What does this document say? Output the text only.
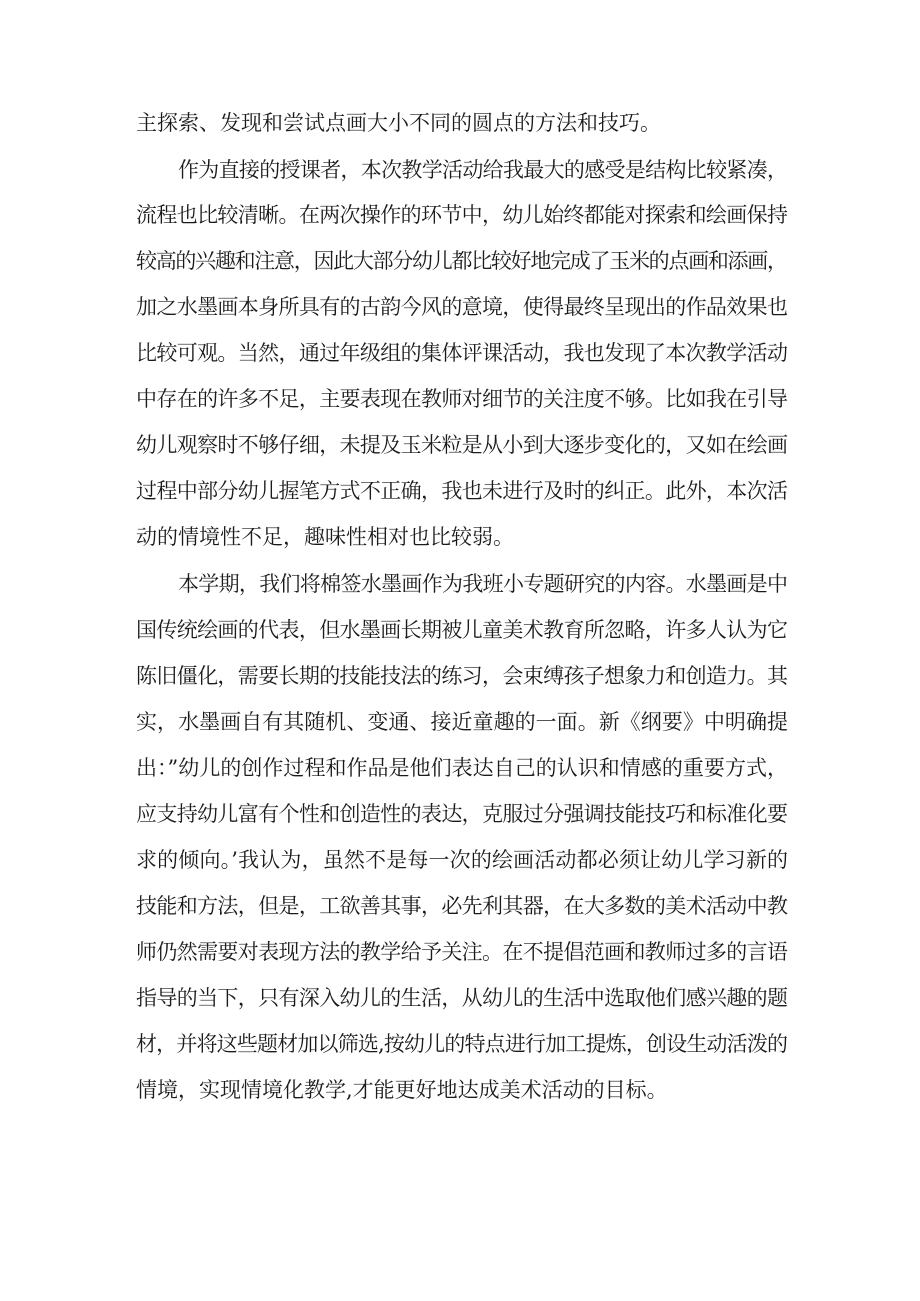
主探索、发现和尝试点画大小不同的圆点的方法和技巧。
作为直接的授课者，本次教学活动给我最大的感受是结构比较紧凑，
流程也比较清晰。在两次操作的环节中，幼儿始终都能对探索和绘画保持
较高的兴趣和注意，因此大部分幼儿都比较好地完成了玉米的点画和添画，
加之水墨画本身所具有的古韵今风的意境，使得最终呈现出的作品效果也
比较可观。当然，通过年级组的集体评课活动，我也发现了本次教学活动
中存在的许多不足，主要表现在教师对细节的关注度不够。比如我在引导
幼儿观察时不够仔细，未提及玉米粒是从小到大逐步变化的，又如在绘画
过程中部分幼儿握笔方式不正确，我也未进行及时的纠正。此外，本次活
动的情境性不足，趣味性相对也比较弱。
本学期，我们将棉签水墨画作为我班小专题研究的内容。水墨画是中
国传统绘画的代表，但水墨画长期被儿童美术教育所忽略，许多人认为它
陈旧僵化，需要长期的技能技法的练习，会束缚孩子想象力和创造力。其
实，水墨画自有其随机、变通、接近童趣的一面。新《纲要》中明确提
出：”幼儿的创作过程和作品是他们表达自己的认识和情感的重要方式，
应支持幼儿富有个性和创造性的表达，克服过分强调技能技巧和标准化要
求的倾向。’我认为，虽然不是每一次的绘画活动都必须让幼儿学习新的
技能和方法，但是，工欲善其事，必先利其器，在大多数的美术活动中教
师仍然需要对表现方法的教学给予关注。在不提倡范画和教师过多的言语
指导的当下，只有深入幼儿的生活，从幼儿的生活中选取他们感兴趣的题
材，并将这些题材加以筛选,按幼儿的特点进行加工提炼，创设生动活泼的
情境，实现情境化教学,才能更好地达成美术活动的目标。
